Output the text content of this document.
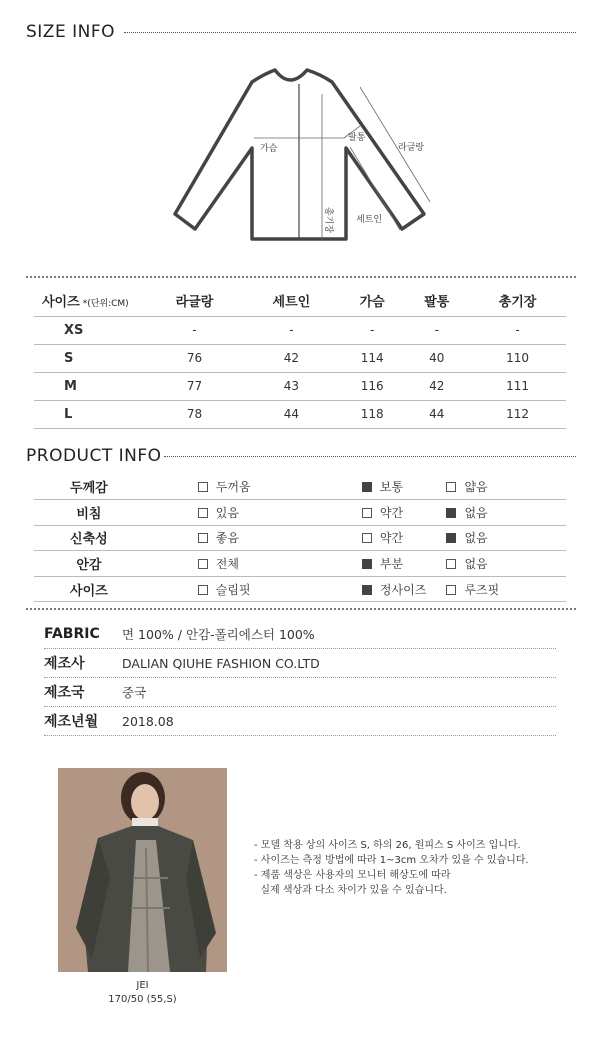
SIZE INFO
가슴
팔통
라글랑
세트인
총기장
사이즈 *(단위:CM)	라글랑	세트인	가슴	팔통	총기장
XS	-	-	-	-	-
S	76	42	114	40	110
M	77	43	116	42	111
L	78	44	118	44	112
PRODUCT INFO
두께감	두꺼움	보통	얇음
비침	있음	약간	없음
신축성	좋음	약간	없음
안감	전체	부분	없음
사이즈	슬림핏	정사이즈	루즈핏
FABRIC	면 100% / 안감-폴리에스터 100%
제조사	DALIAN QIUHE FASHION CO.LTD
제조국	중국
제조년월	2018.08
JEI
170/50 (55,S)
- 모델 착용 상의 사이즈 S, 하의 26, 원피스 S 사이즈 입니다.
- 사이즈는 측정 방법에 따라 1~3cm 오차가 있을 수 있습니다.
- 제품 색상은 사용자의 모니터 해상도에 따라
실제 색상과 다소 차이가 있을 수 있습니다.
